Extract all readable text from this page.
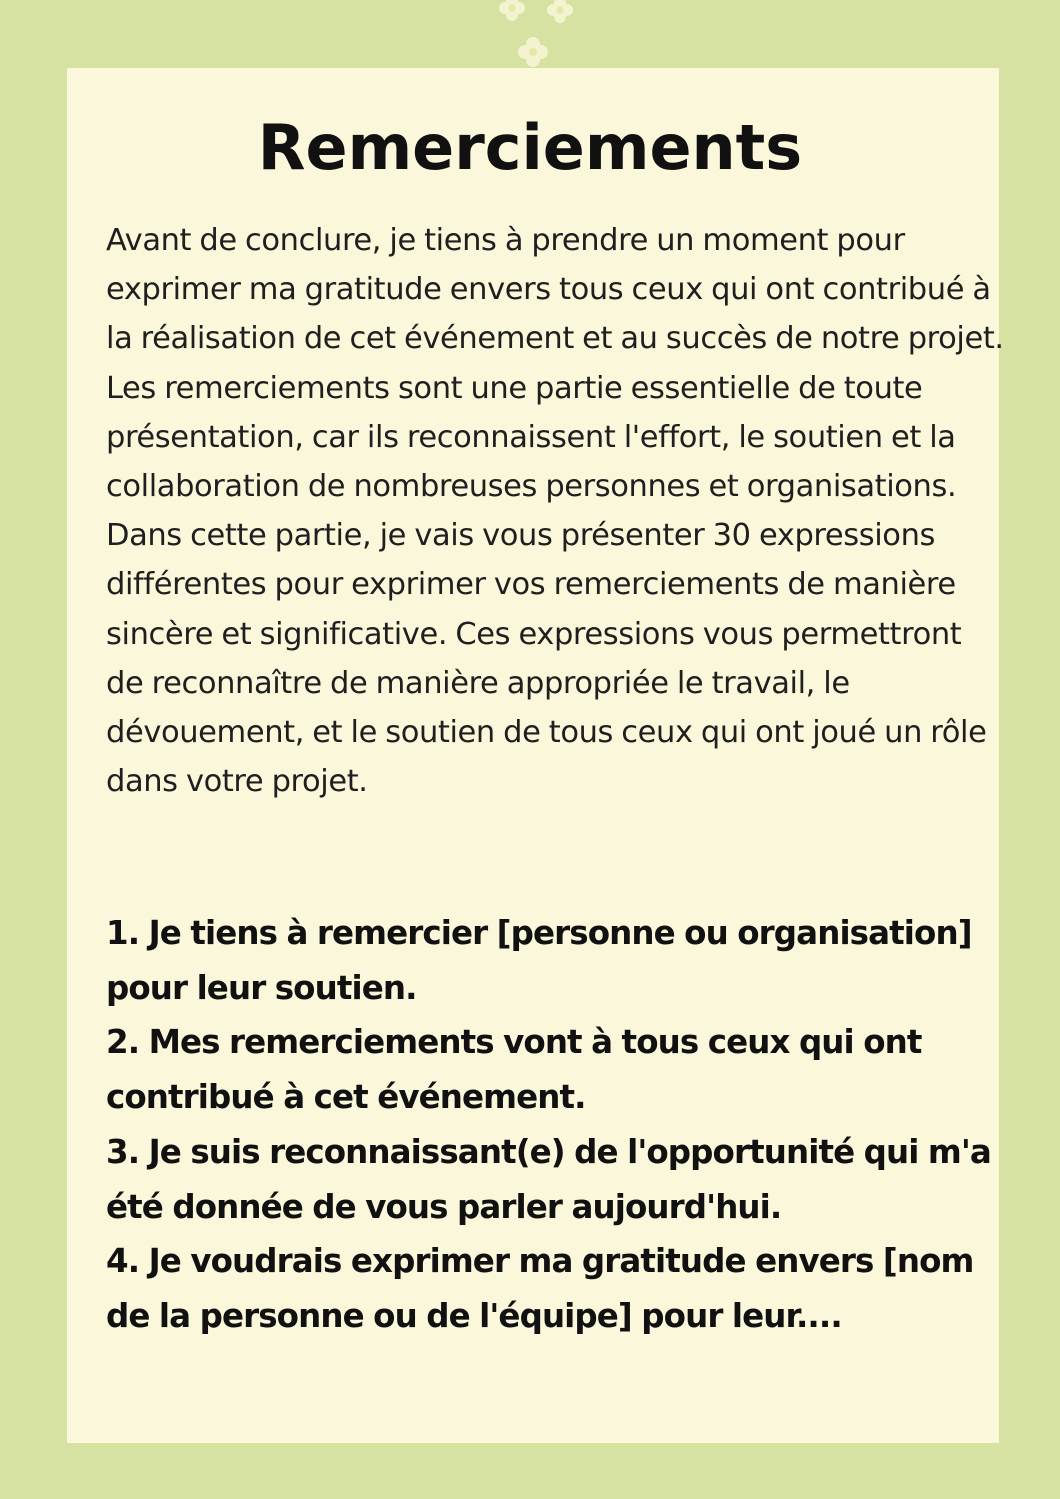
Remerciements

Avant de conclure, je tiens à prendre un moment pour exprimer ma gratitude envers tous ceux qui ont contribué à la réalisation de cet événement et au succès de notre projet. Les remerciements sont une partie essentielle de toute présentation, car ils reconnaissent l'effort, le soutien et la collaboration de nombreuses personnes et organisations.

Dans cette partie, je vais vous présenter 30 expressions différentes pour exprimer vos remerciements de manière sincère et significative. Ces expressions vous permettront de reconnaître de manière appropriée le travail, le dévouement, et le soutien de tous ceux qui ont joué un rôle dans votre projet.

1. Je tiens à remercier [personne ou organisation] pour leur soutien.
2. Mes remerciements vont à tous ceux qui ont contribué à cet événement.
3. Je suis reconnaissant(e) de l'opportunité qui m'a été donnée de vous parler aujourd'hui.
4. Je voudrais exprimer ma gratitude envers [nom de la personne ou de l'équipe] pour leur....
